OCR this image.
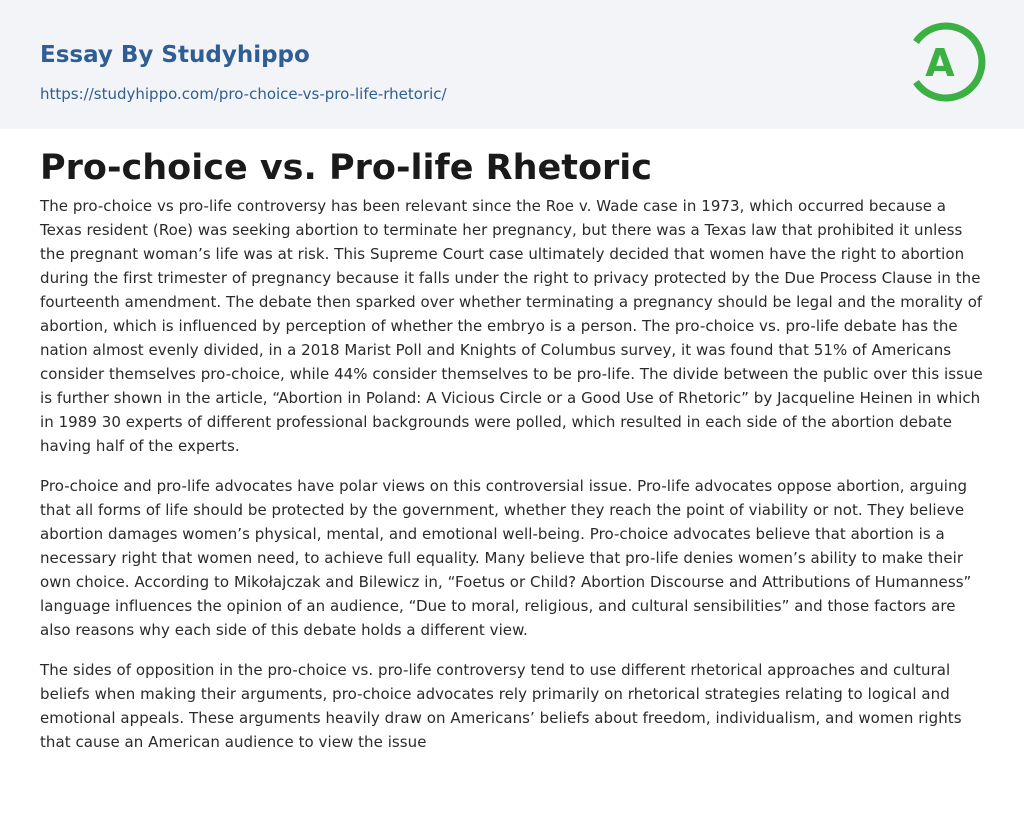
Essay By Studyhippo
https://studyhippo.com/pro-choice-vs-pro-life-rhetoric/
A
Pro-choice vs. Pro-life Rhetoric

The pro-choice vs pro-life controversy has been relevant since the Roe v. Wade case in 1973, which occurred because a Texas resident (Roe) was seeking abortion to terminate her pregnancy, but there was a Texas law that prohibited it unless the pregnant woman’s life was at risk. This Supreme Court case ultimately decided that women have the right to abortion during the first trimester of pregnancy because it falls under the right to privacy protected by the Due Process Clause in the fourteenth amendment. The debate then sparked over whether terminating a pregnancy should be legal and the morality of abortion, which is influenced by perception of whether the embryo is a person. The pro-choice vs. pro-life debate has the nation almost evenly divided, in a 2018 Marist Poll and Knights of Columbus survey, it was found that 51% of Americans consider themselves pro-choice, while 44% consider themselves to be pro-life. The divide between the public over this issue is further shown in the article, “Abortion in Poland: A Vicious Circle or a Good Use of Rhetoric” by Jacqueline Heinen in which in 1989 30 experts of different professional backgrounds were polled, which resulted in each side of the abortion debate having half of the experts.

Pro-choice and pro-life advocates have polar views on this controversial issue. Pro-life advocates oppose abortion, arguing that all forms of life should be protected by the government, whether they reach the point of viability or not. They believe abortion damages women’s physical, mental, and emotional well-being. Pro-choice advocates believe that abortion is a necessary right that women need, to achieve full equality. Many believe that pro-life denies women’s ability to make their own choice. According to Mikołajczak and Bilewicz in, “Foetus or Child? Abortion Discourse and Attributions of Humanness” language influences the opinion of an audience, “Due to moral, religious, and cultural sensibilities” and those factors are also reasons why each side of this debate holds a different view.

The sides of opposition in the pro-choice vs. pro-life controversy tend to use different rhetorical approaches and cultural beliefs when making their arguments, pro-choice advocates rely primarily on rhetorical strategies relating to logical and emotional appeals. These arguments heavily draw on Americans’ beliefs about freedom, individualism, and women rights that cause an American audience to view the issue
